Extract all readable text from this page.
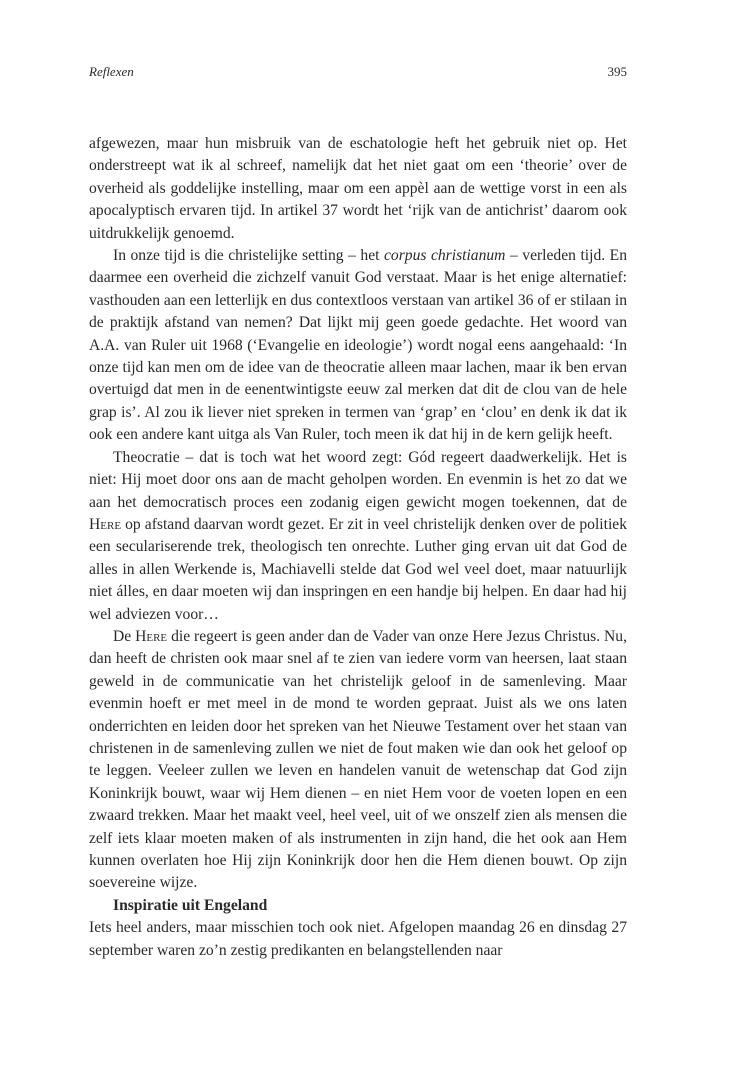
Reflexen	395

afgewezen, maar hun misbruik van de eschatologie heft het gebruik niet op. Het onderstreept wat ik al schreef, namelijk dat het niet gaat om een ‘theorie’ over de overheid als goddelijke instelling, maar om een appèl aan de wettige vorst in een als apocalyptisch ervaren tijd. In artikel 37 wordt het ‘rijk van de antichrist’ daarom ook uitdrukkelijk genoemd.

In onze tijd is die christelijke setting – het corpus christianum – verleden tijd. En daarmee een overheid die zichzelf vanuit God verstaat. Maar is het enige alternatief: vasthouden aan een letterlijk en dus contextloos verstaan van artikel 36 of er stilaan in de praktijk afstand van nemen? Dat lijkt mij geen goede gedachte. Het woord van A.A. van Ruler uit 1968 (‘Evangelie en ideologie’) wordt nogal eens aangehaald: ‘In onze tijd kan men om de idee van de theocratie alleen maar lachen, maar ik ben ervan overtuigd dat men in de eenentwintigste eeuw zal merken dat dit de clou van de hele grap is’. Al zou ik liever niet spreken in termen van ‘grap’ en ‘clou’ en denk ik dat ik ook een andere kant uitga als Van Ruler, toch meen ik dat hij in de kern gelijk heeft.

Theocratie – dat is toch wat het woord zegt: Gód regeert daadwerkelijk. Het is niet: Hij moet door ons aan de macht geholpen worden. En evenmin is het zo dat we aan het democratisch proces een zodanig eigen gewicht mogen toekennen, dat de Here op afstand daarvan wordt gezet. Er zit in veel christelijk denken over de politiek een seculariserende trek, theologisch ten onrechte. Luther ging ervan uit dat God de alles in allen Werkende is, Machiavelli stelde dat God wel veel doet, maar natuurlijk niet álles, en daar moeten wij dan inspringen en een handje bij helpen. En daar had hij wel adviezen voor…

De Here die regeert is geen ander dan de Vader van onze Here Jezus Christus. Nu, dan heeft de christen ook maar snel af te zien van iedere vorm van heersen, laat staan geweld in de communicatie van het christelijk geloof in de samenleving. Maar evenmin hoeft er met meel in de mond te worden gepraat. Juist als we ons laten onderrichten en leiden door het spreken van het Nieuwe Testament over het staan van christenen in de samenleving zullen we niet de fout maken wie dan ook het geloof op te leggen. Veeleer zullen we leven en handelen vanuit de wetenschap dat God zijn Koninkrijk bouwt, waar wij Hem dienen – en niet Hem voor de voeten lopen en een zwaard trekken. Maar het maakt veel, heel veel, uit of we onszelf zien als mensen die zelf iets klaar moeten maken of als instrumenten in zijn hand, die het ook aan Hem kunnen overlaten hoe Hij zijn Koninkrijk door hen die Hem dienen bouwt. Op zijn soevereine wijze.

Inspiratie uit Engeland

Iets heel anders, maar misschien toch ook niet. Afgelopen maandag 26 en dinsdag 27 september waren zo’n zestig predikanten en belangstellenden naar
